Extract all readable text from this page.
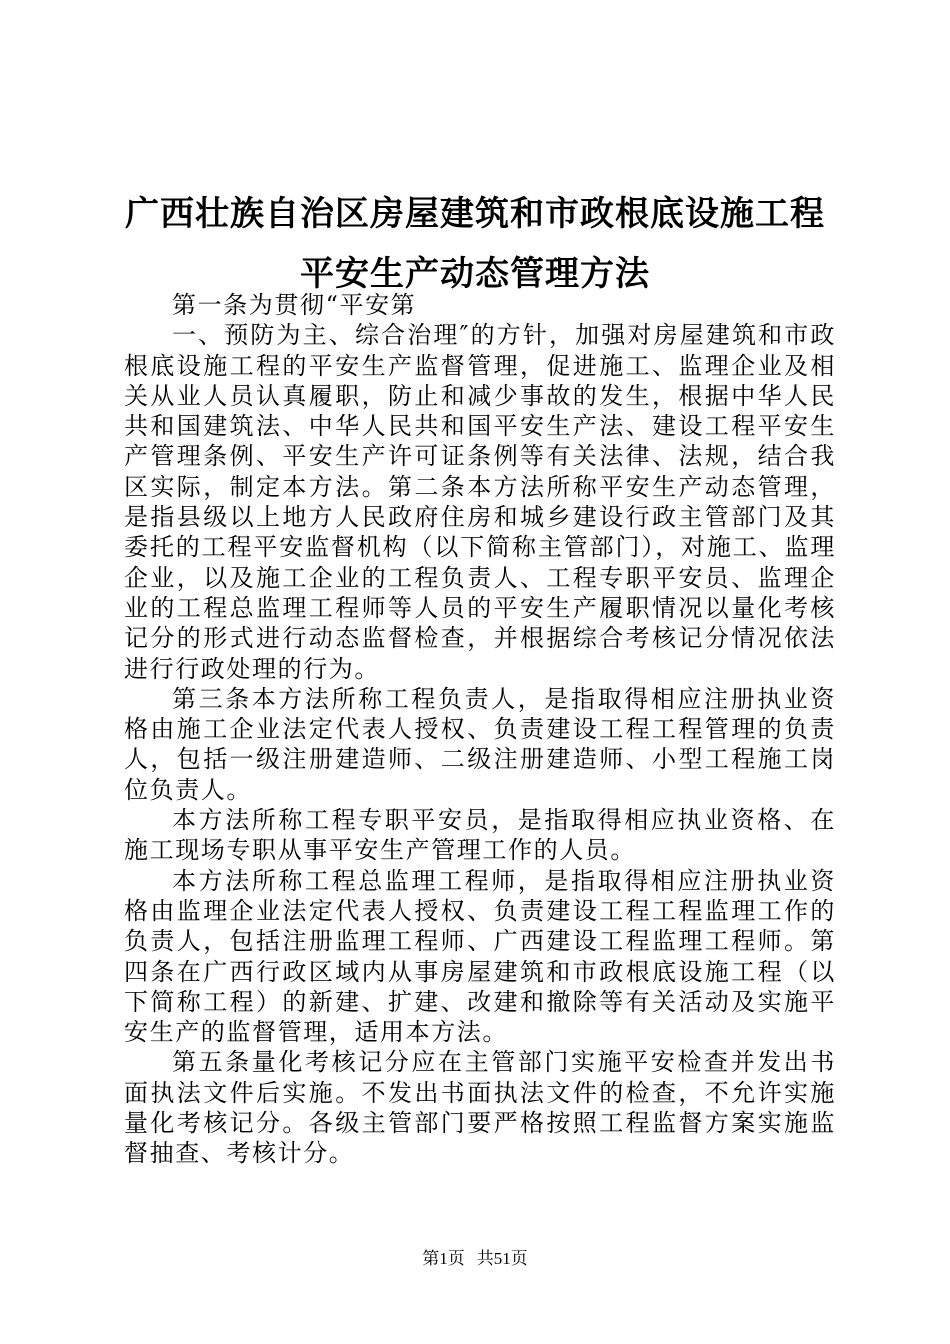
广西壮族自治区房屋建筑和市政根底设施工程
平安生产动态管理方法

第一条为贯彻“平安第

一、预防为主、综合治理″的方针，加强对房屋建筑和市政根底设施工程的平安生产监督管理，促进施工、监理企业及相关从业人员认真履职，防止和减少事故的发生，根据中华人民共和国建筑法、中华人民共和国平安生产法、建设工程平安生产管理条例、平安生产许可证条例等有关法律、法规，结合我区实际，制定本方法。第二条本方法所称平安生产动态管理，是指县级以上地方人民政府住房和城乡建设行政主管部门及其委托的工程平安监督机构（以下简称主管部门），对施工、监理企业，以及施工企业的工程负责人、工程专职平安员、监理企业的工程总监理工程师等人员的平安生产履职情况以量化考核记分的形式进行动态监督检查，并根据综合考核记分情况依法进行行政处理的行为。

第三条本方法所称工程负责人，是指取得相应注册执业资格由施工企业法定代表人授权、负责建设工程工程管理的负责人，包括一级注册建造师、二级注册建造师、小型工程施工岗位负责人。

本方法所称工程专职平安员，是指取得相应执业资格、在施工现场专职从事平安生产管理工作的人员。

本方法所称工程总监理工程师，是指取得相应注册执业资格由监理企业法定代表人授权、负责建设工程工程监理工作的负责人，包括注册监理工程师、广西建设工程监理工程师。第四条在广西行政区域内从事房屋建筑和市政根底设施工程（以下简称工程）的新建、扩建、改建和撤除等有关活动及实施平安生产的监督管理，适用本方法。

第五条量化考核记分应在主管部门实施平安检查并发出书面执法文件后实施。不发出书面执法文件的检查，不允许实施量化考核记分。各级主管部门要严格按照工程监督方案实施监督抽查、考核计分。

第1页 共51页
